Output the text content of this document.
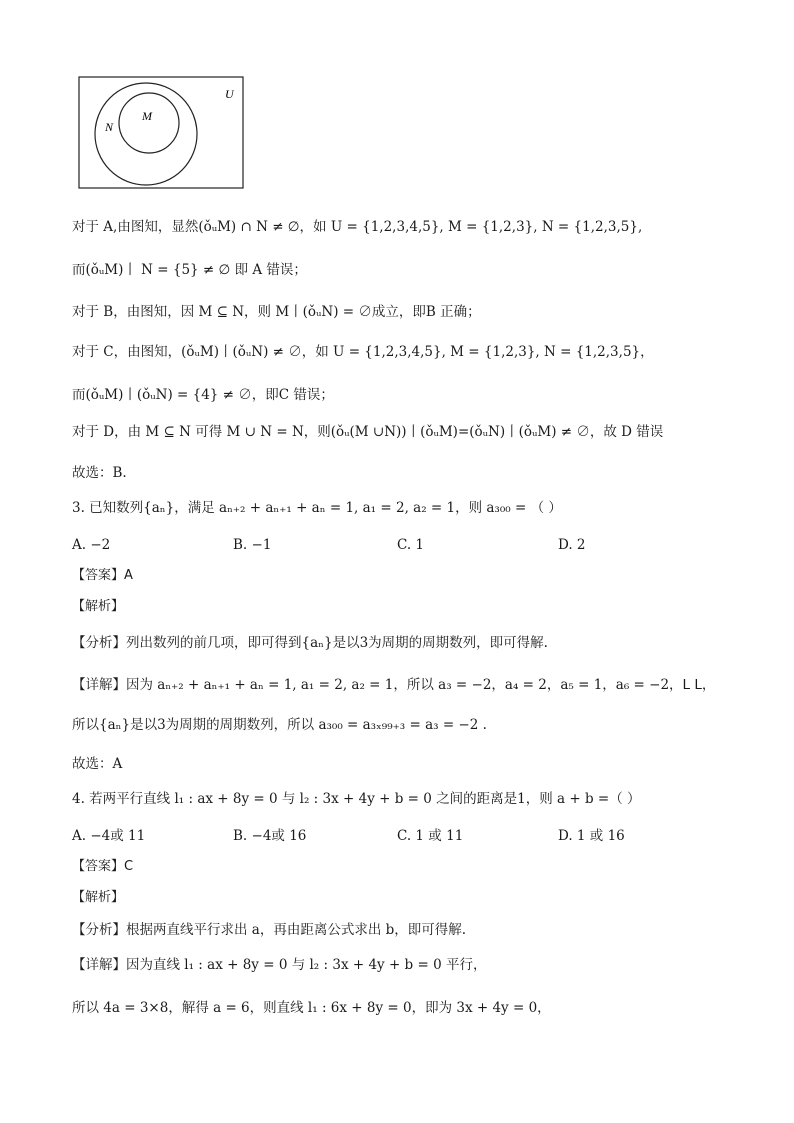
U
N
M
对于 A,由图知，显然(ǒᵤM) ∩ N ≠ ∅，如 U = {1,2,3,4,5}, M = {1,2,3}, N = {1,2,3,5},
而(ǒᵤM)丨 N = {5} ≠ ∅ 即 A 错误；
对于 B，由图知，因 M ⊆ N，则 M丨(ǒᵤN) = ∅成立，即B 正确；
对于 C，由图知，(ǒᵤM)丨(ǒᵤN) ≠ ∅，如 U = {1,2,3,4,5}, M = {1,2,3}, N = {1,2,3,5}，
而(ǒᵤM)丨(ǒᵤN) = {4} ≠ ∅，即C 错误；
对于 D，由 M ⊆ N 可得 M ∪ N = N，则(ǒᵤ(M ∪N))丨(ǒᵤM)=(ǒᵤN)丨(ǒᵤM) ≠ ∅，故 D 错误
故选：B.
3. 已知数列{aₙ}，满足 aₙ₊₂ + aₙ₊₁ + aₙ = 1, a₁ = 2, a₂ = 1，则 a₃₀₀ = （ ）
A. −2	B. −1	C. 1	D. 2
【答案】A
【解析】
【分析】列出数列的前几项，即可得到{aₙ}是以3为周期的周期数列，即可得解.
【详解】因为 aₙ₊₂ + aₙ₊₁ + aₙ = 1, a₁ = 2, a₂ = 1，所以 a₃ = −2，a₄ = 2，a₅ = 1，a₆ = −2，ᒪ ᒪ，
所以{aₙ}是以3为周期的周期数列，所以 a₃₀₀ = a₃ₓ₉₉₊₃ = a₃ = −2 .
故选：A
4. 若两平行直线 l₁ : ax + 8y = 0 与 l₂ : 3x + 4y + b = 0 之间的距离是1，则 a + b =（ ）
A. −4或 11	B. −4或 16	C. 1 或 11	D. 1 或 16
【答案】C
【解析】
【分析】根据两直线平行求出 a，再由距离公式求出 b，即可得解.
【详解】因为直线 l₁ : ax + 8y = 0 与 l₂ : 3x + 4y + b = 0 平行，
所以 4a = 3×8，解得 a = 6，则直线 l₁ : 6x + 8y = 0，即为 3x + 4y = 0，
